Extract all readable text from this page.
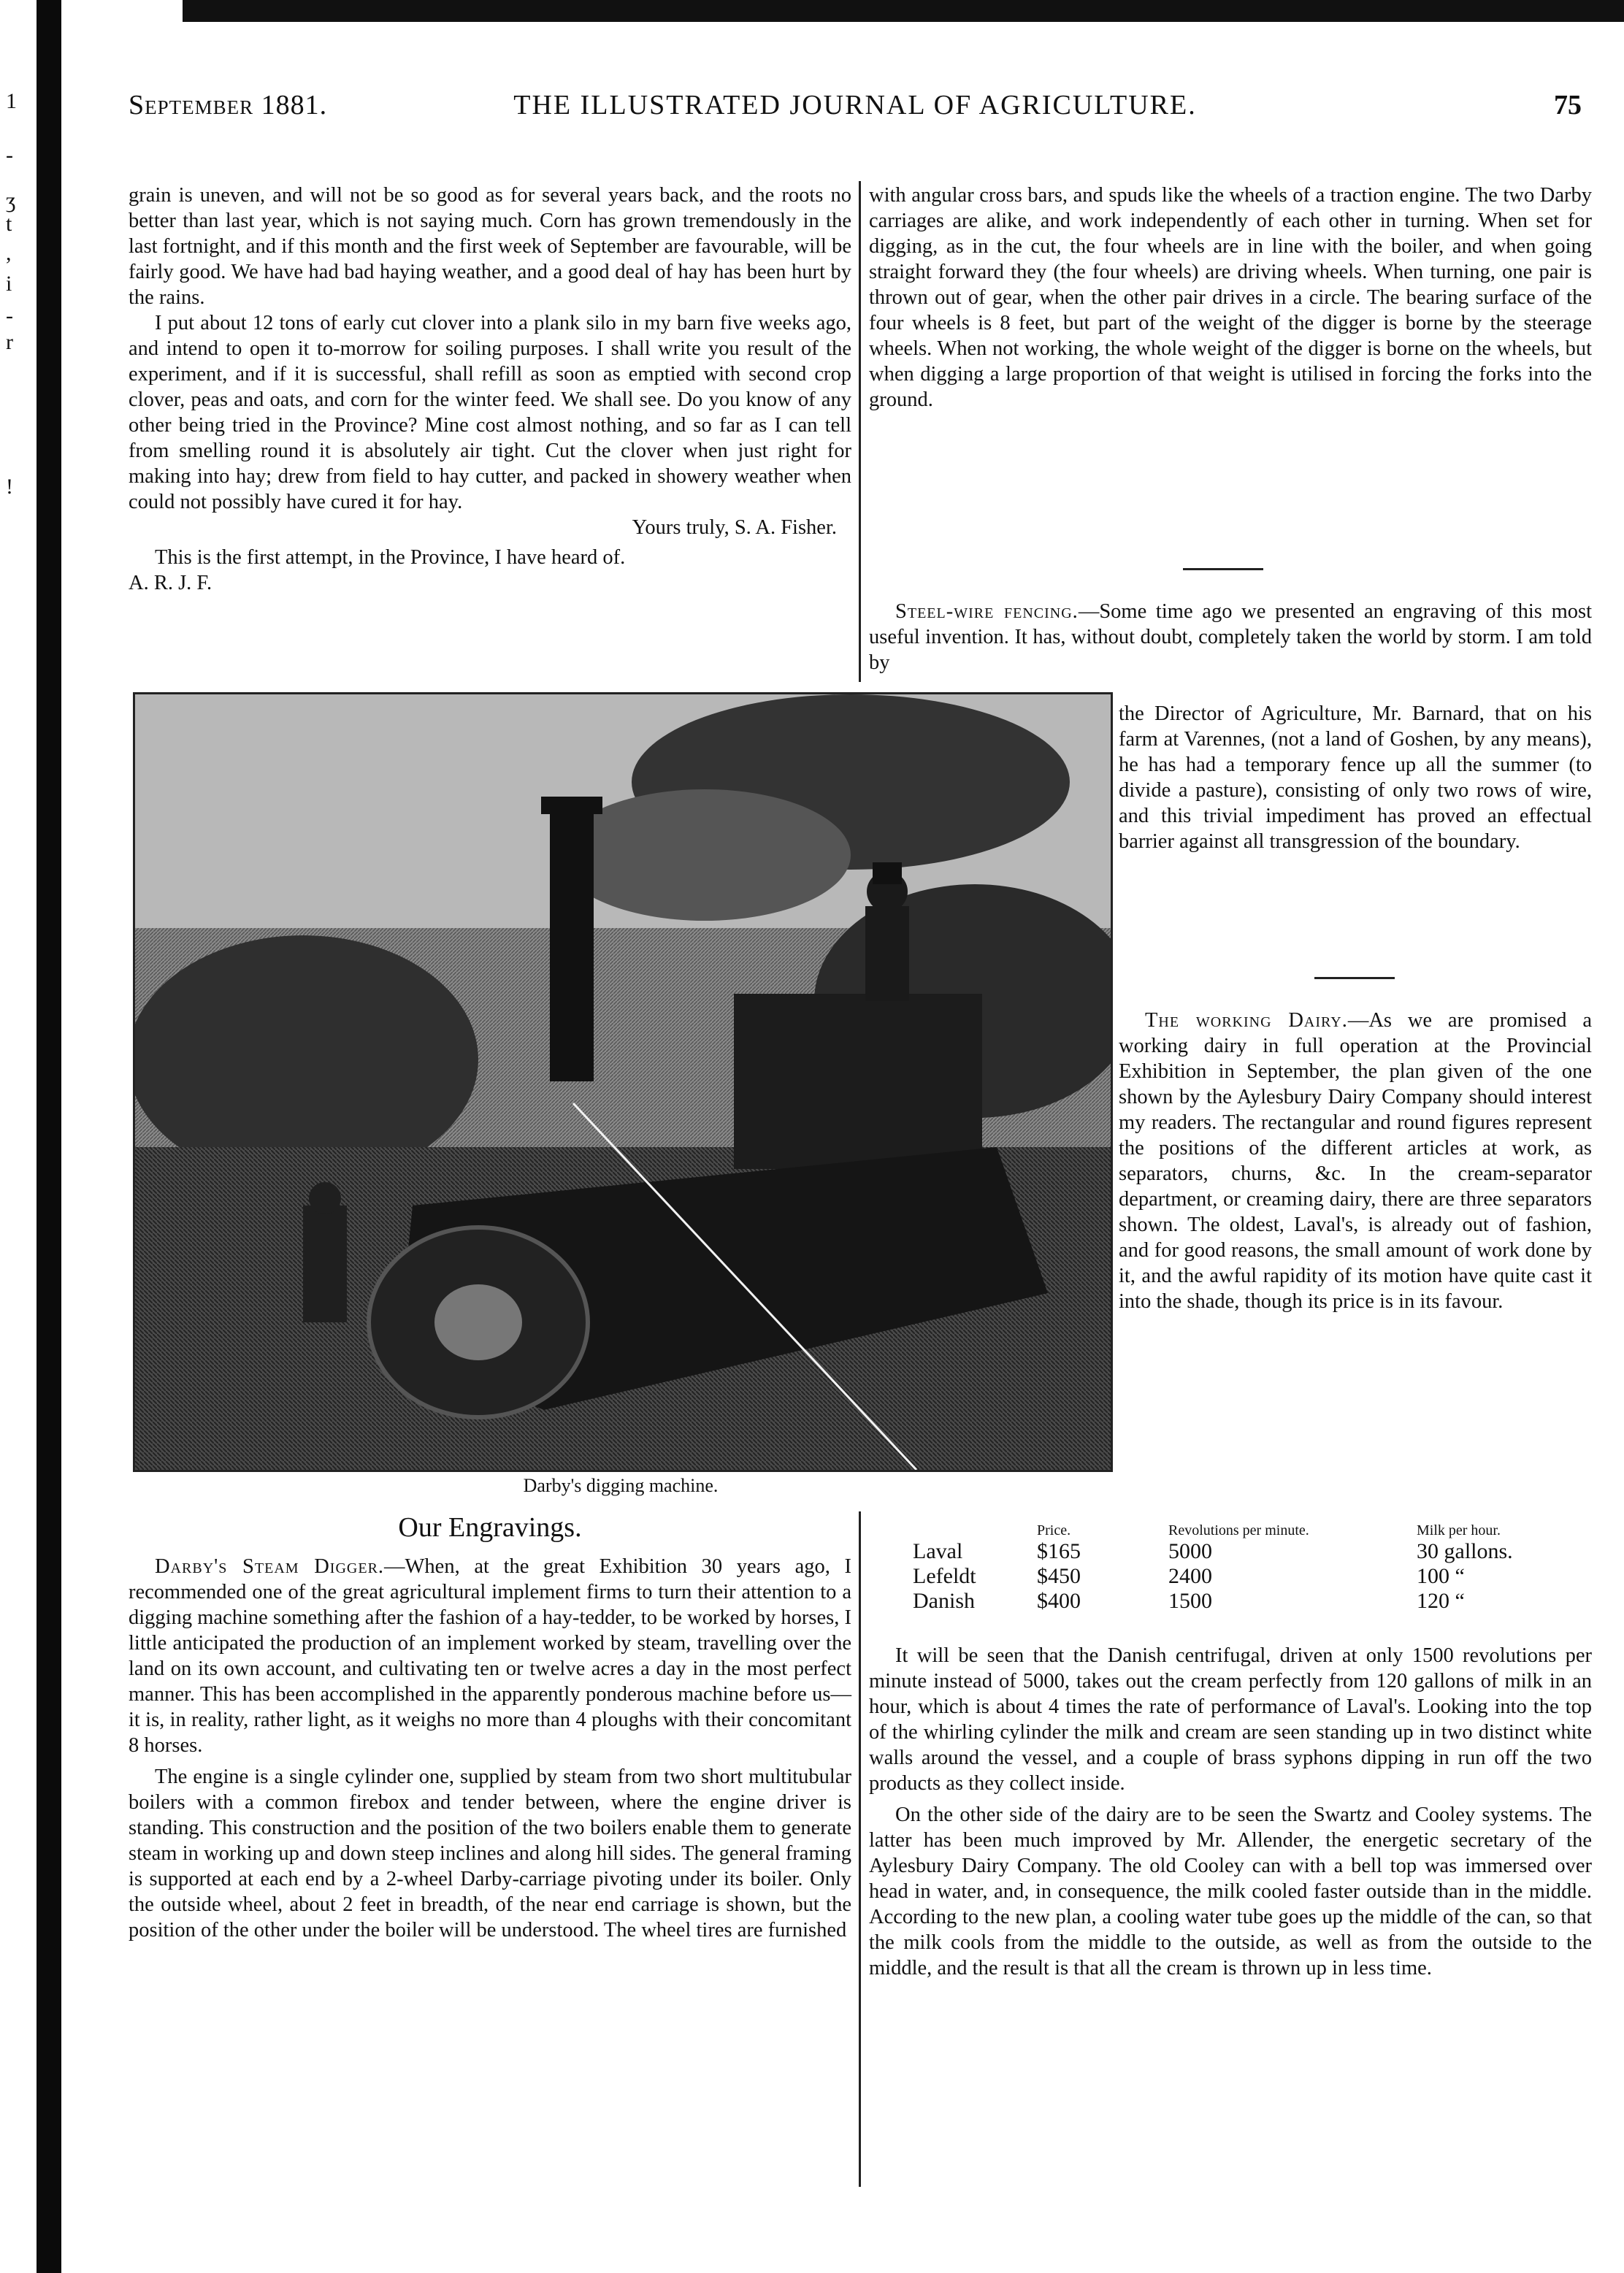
1
-
ʒ
t
,
i
-
r
!
September 1881.	THE ILLUSTRATED JOURNAL OF AGRICULTURE.	75

grain is uneven, and will not be so good as for several years back, and the roots no better than last year, which is not saying much. Corn has grown tremendously in the last fortnight, and if this month and the first week of September are favourable, will be fairly good. We have had bad haying weather, and a good deal of hay has been hurt by the rains.

I put about 12 tons of early cut clover into a plank silo in my barn five weeks ago, and intend to open it to-morrow for soiling purposes. I shall write you result of the experiment, and if it is successful, shall refill as soon as emptied with second crop clover, peas and oats, and corn for the winter feed. We shall see. Do you know of any other being tried in the Province? Mine cost almost nothing, and so far as I can tell from smelling round it is absolutely air tight. Cut the clover when just right for making into hay; drew from field to hay cutter, and packed in showery weather when could not possibly have cured it for hay.

Yours truly, S. A. Fisher.

This is the first attempt, in the Province, I have heard of.

A. R. J. F.

with angular cross bars, and spuds like the wheels of a traction engine. The two Darby carriages are alike, and work independently of each other in turning. When set for digging, as in the cut, the four wheels are in line with the boiler, and when going straight forward they (the four wheels) are driving wheels. When turning, one pair is thrown out of gear, when the other pair drives in a circle. The bearing surface of the four wheels is 8 feet, but part of the weight of the digger is borne by the steerage wheels. When not working, the whole weight of the digger is borne on the wheels, but when digging a large proportion of that weight is utilised in forcing the forks into the ground.

Steel-wire fencing.—Some time ago we presented an engraving of this most useful invention. It has, without doubt, completely taken the world by storm. I am told by

the Director of Agriculture, Mr. Barnard, that on his farm at Varennes, (not a land of Goshen, by any means), he has had a temporary fence up all the summer (to divide a pasture), consisting of only two rows of wire, and this trivial impediment has proved an effectual barrier against all transgression of the boundary.

The working Dairy.—As we are promised a working dairy in full operation at the Provincial Exhibition in September, the plan given of the one shown by the Aylesbury Dairy Company should interest my readers. The rectangular and round figures represent the positions of the different articles at work, as separators, churns, &c. In the cream-separator department, or creaming dairy, there are three separators shown. The oldest, Laval's, is already out of fashion, and for good reasons, the small amount of work done by it, and the awful rapidity of its motion have quite cast it into the shade, though its price is in its favour.

Darby's digging machine.
Our Engravings.

Darby's Steam Digger.—When, at the great Exhibition 30 years ago, I recommended one of the great agricultural implement firms to turn their attention to a digging machine something after the fashion of a hay-tedder, to be worked by horses, I little anticipated the production of an implement worked by steam, travelling over the land on its own account, and cultivating ten or twelve acres a day in the most perfect manner. This has been accomplished in the apparently ponderous machine before us—it is, in reality, rather light, as it weighs no more than 4 ploughs with their concomitant 8 horses.

The engine is a single cylinder one, supplied by steam from two short multitubular boilers with a common firebox and tender between, where the engine driver is standing. This construction and the position of the two boilers enable them to generate steam in working up and down steep inclines and along hill sides. The general framing is supported at each end by a 2-wheel Darby-carriage pivoting under its boiler. Only the outside wheel, about 2 feet in breadth, of the near end carriage is shown, but the position of the other under the boiler will be understood. The wheel tires are furnished

	Price.	Revolutions per minute.	Milk per hour.
Laval	$165	5000	30 gallons.
Lefeldt	$450	2400	100 “
Danish	$400	1500	120 “

It will be seen that the Danish centrifugal, driven at only 1500 revolutions per minute instead of 5000, takes out the cream perfectly from 120 gallons of milk in an hour, which is about 4 times the rate of performance of Laval's. Looking into the top of the whirling cylinder the milk and cream are seen standing up in two distinct white walls around the vessel, and a couple of brass syphons dipping in run off the two products as they collect inside.

On the other side of the dairy are to be seen the Swartz and Cooley systems. The latter has been much improved by Mr. Allender, the energetic secretary of the Aylesbury Dairy Company. The old Cooley can with a bell top was immersed over head in water, and, in consequence, the milk cooled faster outside than in the middle. According to the new plan, a cooling water tube goes up the middle of the can, so that the milk cools from the middle to the outside, as well as from the outside to the middle, and the result is that all the cream is thrown up in less time.
